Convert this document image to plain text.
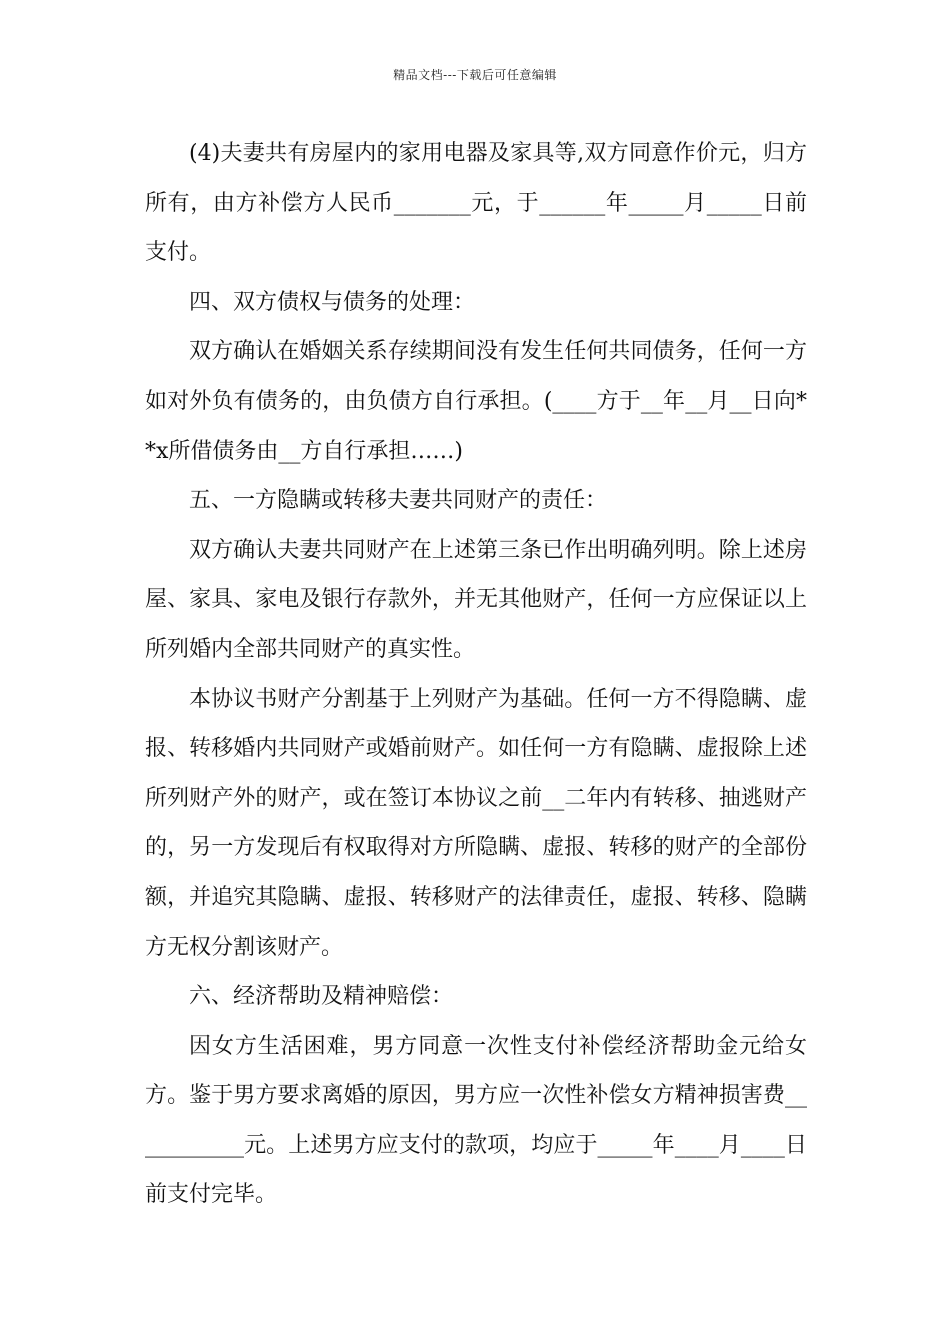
精品文档---下载后可任意编辑

(4)夫妻共有房屋内的家用电器及家具等,双方同意作价元，归方所有，由方补偿方人民币_______元，于______年_____月_____日前支付。

四、双方债权与债务的处理：

双方确认在婚姻关系存续期间没有发生任何共同债务，任何一方如对外负有债务的，由负债方自行承担。(____方于__年__月__日向**x所借债务由__方自行承担……)

五、一方隐瞒或转移夫妻共同财产的责任：

双方确认夫妻共同财产在上述第三条已作出明确列明。除上述房屋、家具、家电及银行存款外，并无其他财产，任何一方应保证以上所列婚内全部共同财产的真实性。

本协议书财产分割基于上列财产为基础。任何一方不得隐瞒、虚报、转移婚内共同财产或婚前财产。如任何一方有隐瞒、虚报除上述所列财产外的财产，或在签订本协议之前__二年内有转移、抽逃财产的，另一方发现后有权取得对方所隐瞒、虚报、转移的财产的全部份额，并追究其隐瞒、虚报、转移财产的法律责任，虚报、转移、隐瞒方无权分割该财产。

六、经济帮助及精神赔偿：

因女方生活困难，男方同意一次性支付补偿经济帮助金元给女方。鉴于男方要求离婚的原因，男方应一次性补偿女方精神损害费___________元。上述男方应支付的款项，均应于_____年____月____日前支付完毕。
